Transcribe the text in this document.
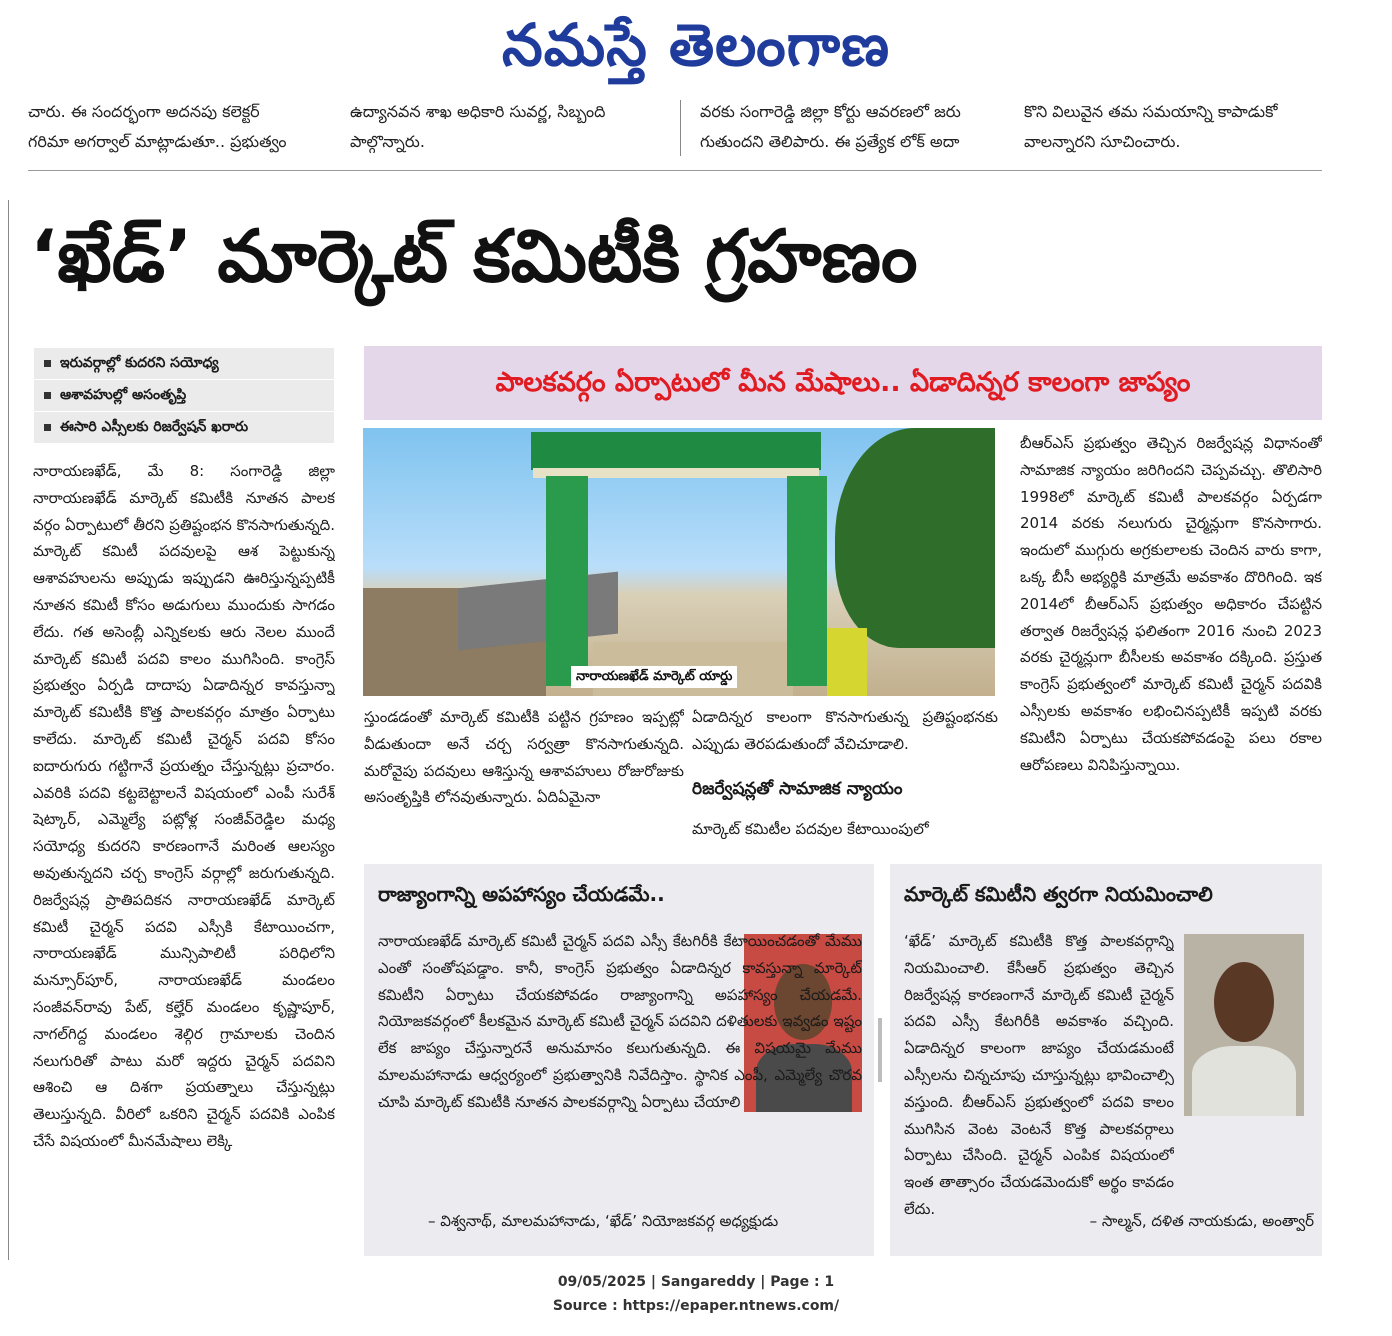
నమస్తే తెలంగాణ
చారు. ఈ సందర్భంగా అదనపు కలెక్టర్
గరిమా అగర్వాల్ మాట్లాడుతూ.. ప్రభుత్వం
ఉద్యానవన శాఖ అధికారి సువర్ణ, సిబ్బంది
పాల్గొన్నారు.
వరకు సంగారెడ్డి జిల్లా కోర్టు ఆవరణలో జరు
గుతుందని తెలిపారు. ఈ ప్రత్యేక లోక్ అదా
కొని విలువైన తమ సమయాన్ని కాపాడుకో
వాలన్నారని సూచించారు.
‘ఖేడ్’ మార్కెట్ కమిటీకి గ్రహణం
ఇరువర్గాల్లో కుదరని సయోధ్య
ఆశావహుల్లో అసంతృప్తి
ఈసారి ఎస్సీలకు రిజర్వేషన్ ఖరారు
పాలకవర్గం ఏర్పాటులో మీన మేషాలు.. ఏడాదిన్నర కాలంగా జాప్యం
నారాయణఖేడ్ మార్కెట్ యార్డు

నారాయణఖేడ్, మే 8: సంగారెడ్డి జిల్లా నారాయణఖేడ్ మార్కెట్ కమిటీకి నూతన పాలక వర్గం ఏర్పాటులో తీరని ప్రతిష్టంభన కొనసాగుతున్నది. మార్కెట్ కమిటీ పదవులపై ఆశ పెట్టుకున్న ఆశావహులను అప్పుడు ఇప్పుడని ఊరిస్తున్నప్పటికీ నూతన కమిటీ కోసం అడుగులు ముందుకు సాగడం లేదు. గత అసెంబ్లీ ఎన్నికలకు ఆరు నెలల ముందే మార్కెట్ కమిటీ పదవి కాలం ముగిసింది. కాంగ్రెస్ ప్రభుత్వం ఏర్పడి దాదాపు ఏడాదిన్నర కావస్తున్నా మార్కెట్ కమిటీకి కొత్త పాలకవర్గం మాత్రం ఏర్పాటు కాలేదు. మార్కెట్ కమిటీ చైర్మన్ పదవి కోసం ఐదారుగురు గట్టిగానే ప్రయత్నం చేస్తున్నట్లు ప్రచారం. ఎవరికి పదవి కట్టబెట్టాలనే విషయంలో ఎంపీ సురేశ్ షెట్కార్, ఎమ్మెల్యే పట్లోళ్ల సంజీవ్‌రెడ్డిల మధ్య సయోధ్య కుదరని కారణంగానే మరింత ఆలస్యం అవుతున్నదని చర్చ కాంగ్రెస్ వర్గాల్లో జరుగుతున్నది. రిజర్వేషన్ల ప్రాతిపదికన నారాయణఖేడ్ మార్కెట్ కమిటీ చైర్మన్ పదవి ఎస్సీకి కేటాయించగా, నారాయణఖేడ్ మున్సిపాలిటీ పరిధిలోని మన్సూర్‌పూర్, నారాయణఖేడ్ మండలం సంజీవన్‌రావు పేట్, కల్హేర్ మండలం కృష్ణాపూర్, నాగల్‌గిద్ద మండలం శెల్గిర గ్రామాలకు చెందిన నలుగురితో పాటు మరో ఇద్దరు చైర్మన్ పదవిని ఆశించి ఆ దిశగా ప్రయత్నాలు చేస్తున్నట్లు తెలుస్తున్నది. వీరిలో ఒకరిని చైర్మన్ పదవికి ఎంపిక చేసే విషయంలో మీనమేషాలు లెక్కి

స్తుండడంతో మార్కెట్ కమిటీకి పట్టిన గ్రహణం ఇప్పట్లో వీడుతుందా అనే చర్చ సర్వత్రా కొనసాగుతున్నది. మరోవైపు పదవులు ఆశిస్తున్న ఆశావహులు రోజురోజుకు అసంతృప్తికి లోనవుతున్నారు. ఏదిఏమైనా

ఏడాదిన్నర కాలంగా కొనసాగుతున్న ప్రతిష్టంభనకు ఎప్పుడు తెరపడుతుందో వేచిచూడాలి.

రిజర్వేషన్లతో సామాజిక న్యాయం

మార్కెట్ కమిటీల పదవుల కేటాయింపులో

బీఆర్ఎస్ ప్రభుత్వం తెచ్చిన రిజర్వేషన్ల విధానంతో సామాజిక న్యాయం జరిగిందని చెప్పవచ్చు. తొలిసారి 1998లో మార్కెట్ కమిటీ పాలకవర్గం ఏర్పడగా 2014 వరకు నలుగురు చైర్మన్లుగా కొనసాగారు. ఇందులో ముగ్గురు అగ్రకులాలకు చెందిన వారు కాగా, ఒక్క బీసీ అభ్యర్థికి మాత్రమే అవకాశం దొరిగింది. ఇక 2014లో బీఆర్ఎస్ ప్రభుత్వం అధికారం చేపట్టిన తర్వాత రిజర్వేషన్ల ఫలితంగా 2016 నుంచి 2023 వరకు చైర్మన్లుగా బీసీలకు అవకాశం దక్కింది. ప్రస్తుత కాంగ్రెస్ ప్రభుత్వంలో మార్కెట్ కమిటీ చైర్మన్ పదవికి ఎస్సీలకు అవకాశం లభించినప్పటికీ ఇప్పటి వరకు కమిటీని ఏర్పాటు చేయకపోవడంపై పలు రకాల ఆరోపణలు వినిపిస్తున్నాయి.

రాజ్యాంగాన్ని అపహాస్యం చేయడమే..

నారాయణఖేడ్ మార్కెట్ కమిటీ చైర్మన్ పదవి ఎస్సీ కేటగిరీకి కేటాయించడంతో మేము ఎంతో సంతోషపడ్డాం. కానీ, కాంగ్రెస్ ప్రభుత్వం ఏడాదిన్నర కావస్తున్నా మార్కెట్ కమిటీని ఏర్పాటు చేయకపోవడం రాజ్యాంగాన్ని అపహాస్యం చేయడమే. నియోజకవర్గంలో కీలకమైన మార్కెట్ కమిటీ చైర్మన్ పదవిని దళితులకు ఇవ్వడం ఇష్టం లేక జాప్యం చేస్తున్నారనే అనుమానం కలుగుతున్నది. ఈ విషయమై మేము మాలమహానాడు ఆధ్వర్యంలో ప్రభుత్వానికి నివేదిస్తాం. స్థానిక ఎంపీ, ఎమ్మెల్యే చొరవ చూపి మార్కెట్ కమిటీకి నూతన పాలకవర్గాన్ని ఏర్పాటు చేయాలి

– విశ్వనాథ్, మాలమహానాడు, ‘ఖేడ్’ నియోజకవర్గ అధ్యక్షుడు
మార్కెట్ కమిటీని త్వరగా నియమించాలి

‘ఖేడ్’ మార్కెట్ కమిటీకి కొత్త పాలకవర్గాన్ని నియమించాలి. కేసీఆర్ ప్రభుత్వం తెచ్చిన రిజర్వేషన్ల కారణంగానే మార్కెట్ కమిటీ చైర్మన్ పదవి ఎస్సీ కేటగిరీకి అవకాశం వచ్చింది. ఏడాదిన్నర కాలంగా జాప్యం చేయడమంటే ఎస్సీలను చిన్నచూపు చూస్తున్నట్లు భావించాల్సి వస్తుంది. బీఆర్ఎస్ ప్రభుత్వంలో పదవి కాలం ముగిసిన వెంట వెంటనే కొత్త పాలకవర్గాలు ఏర్పాటు చేసింది. చైర్మన్ ఎంపిక విషయంలో ఇంత తాత్సారం చేయడమెందుకో అర్థం కావడం లేదు.

– సాల్మన్, దళిత నాయకుడు, అంత్వార్
09/05/2025 | Sangareddy | Page : 1
Source : https://epaper.ntnews.com/
